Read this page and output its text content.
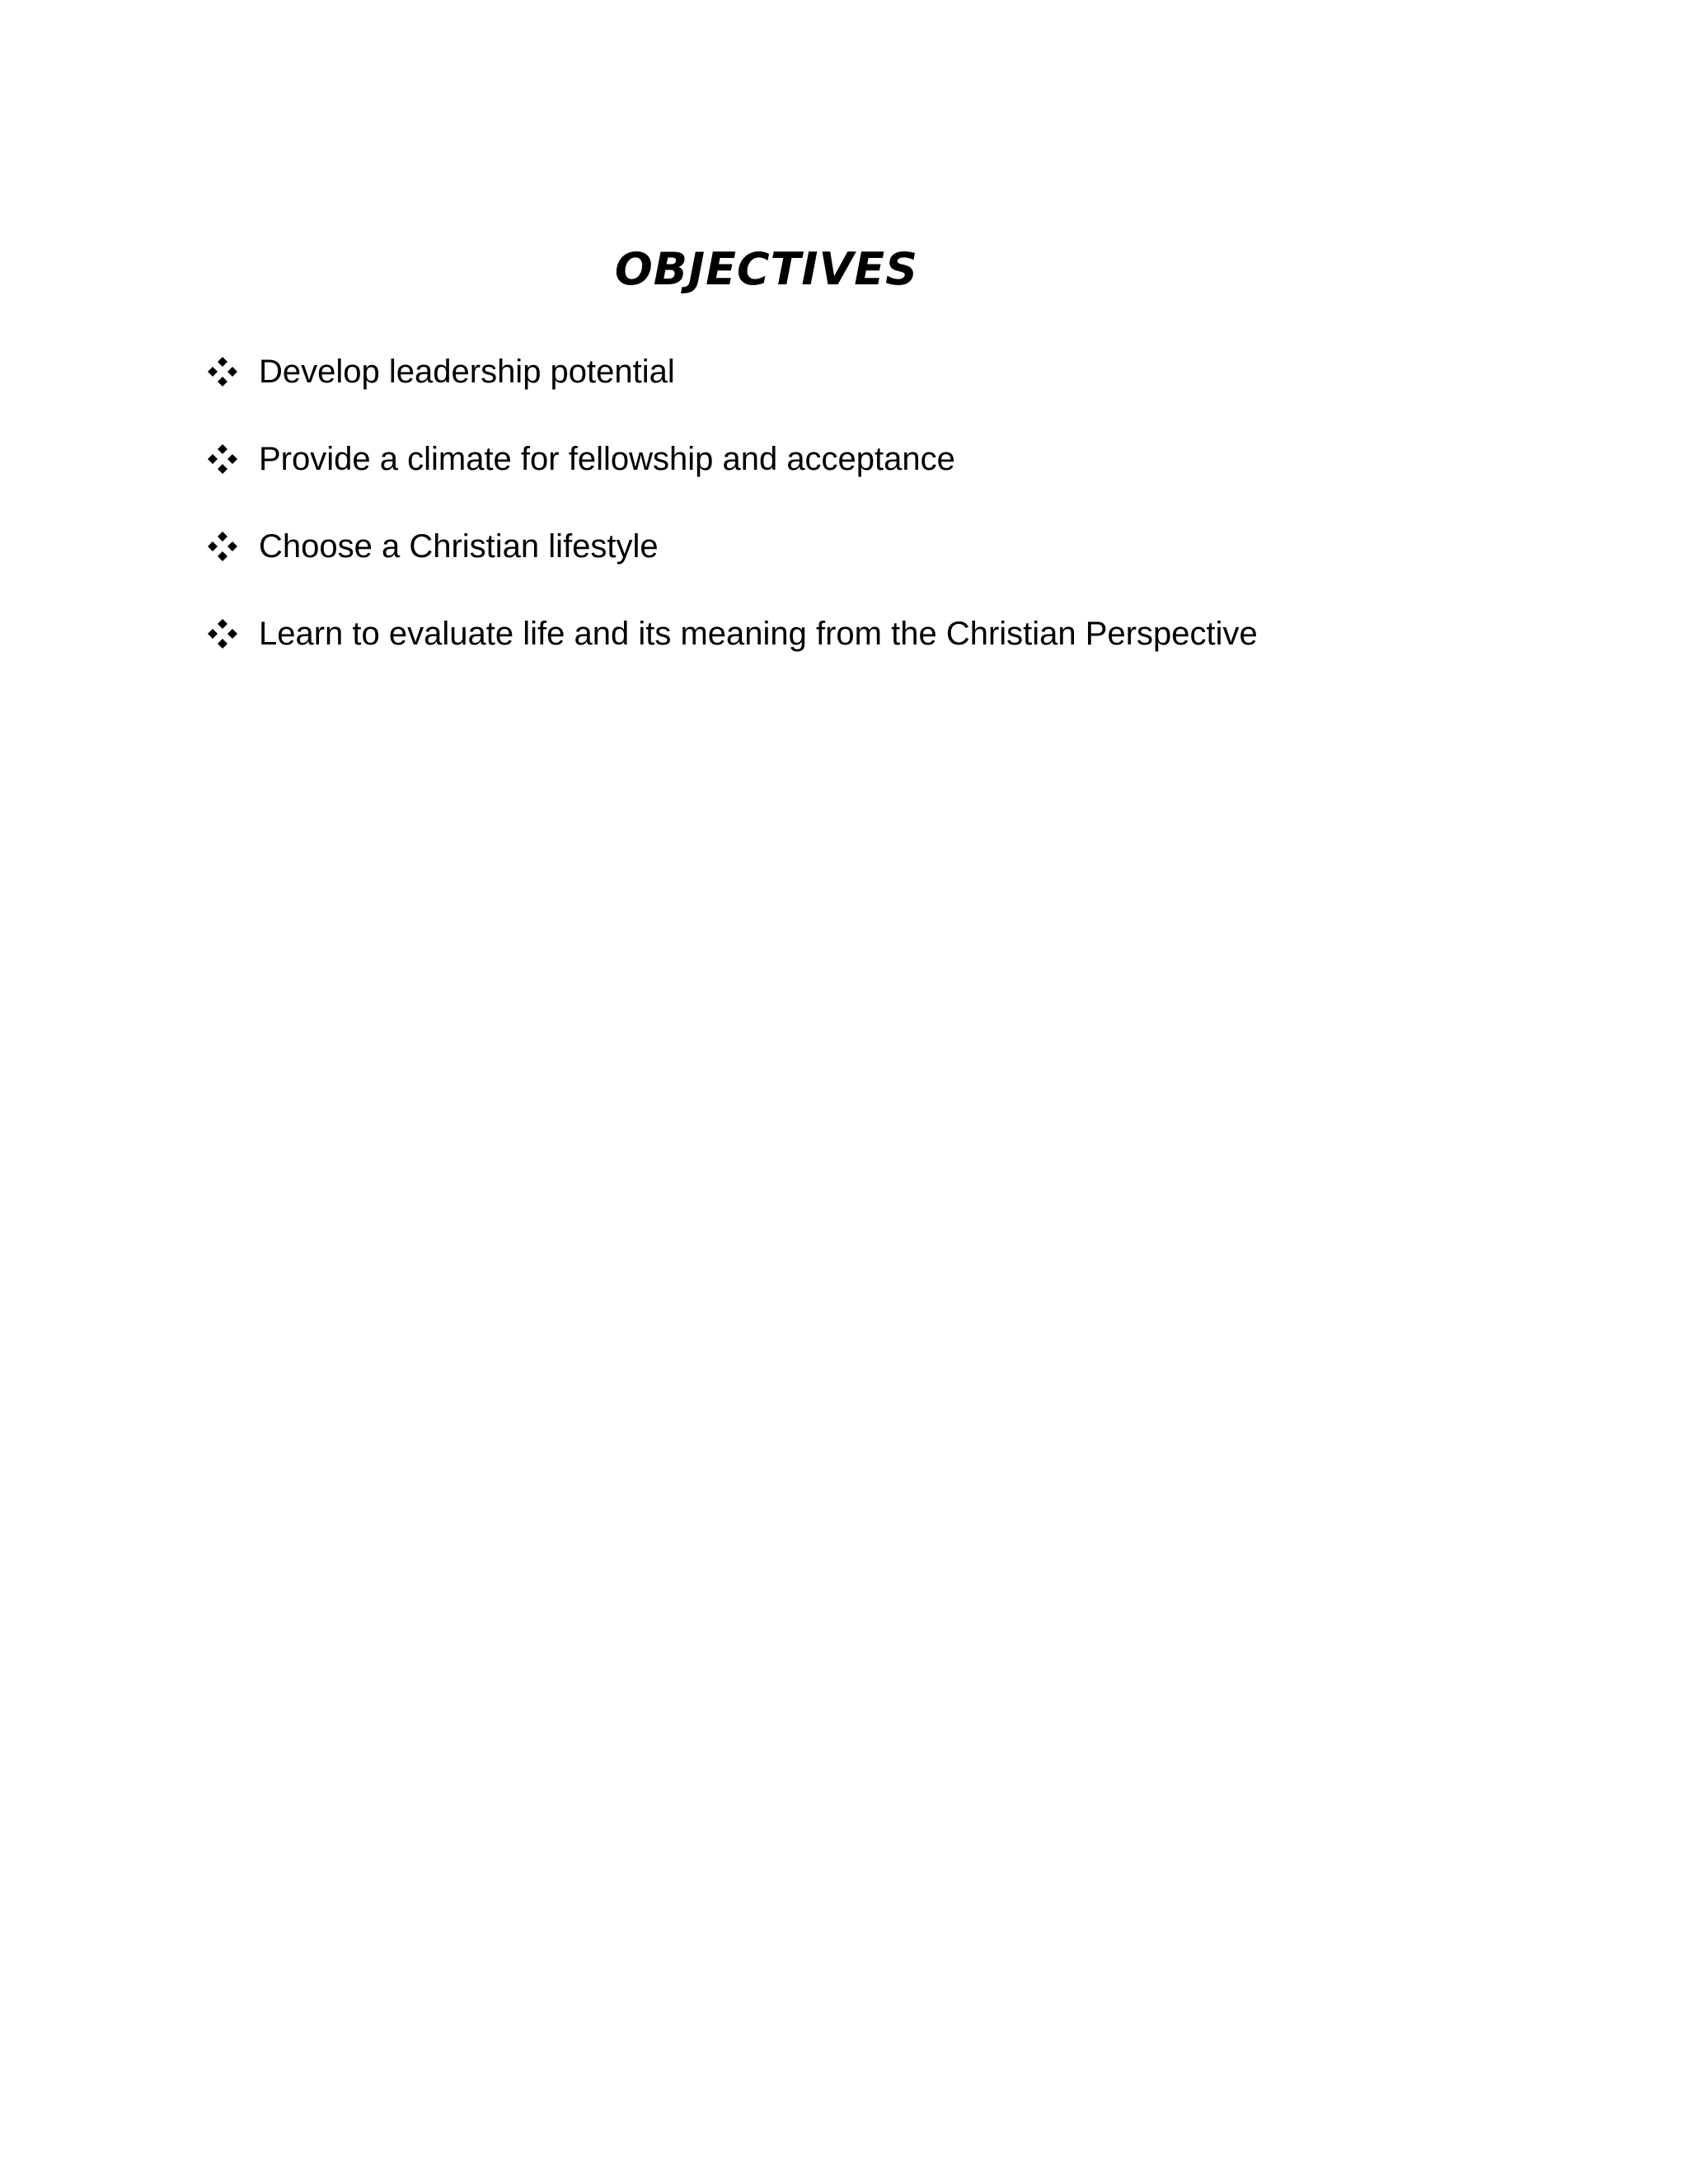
OBJECTIVES
Develop leadership potential
Provide a climate for fellowship and acceptance
Choose a Christian lifestyle
Learn to evaluate life and its meaning from the Christian Perspective
